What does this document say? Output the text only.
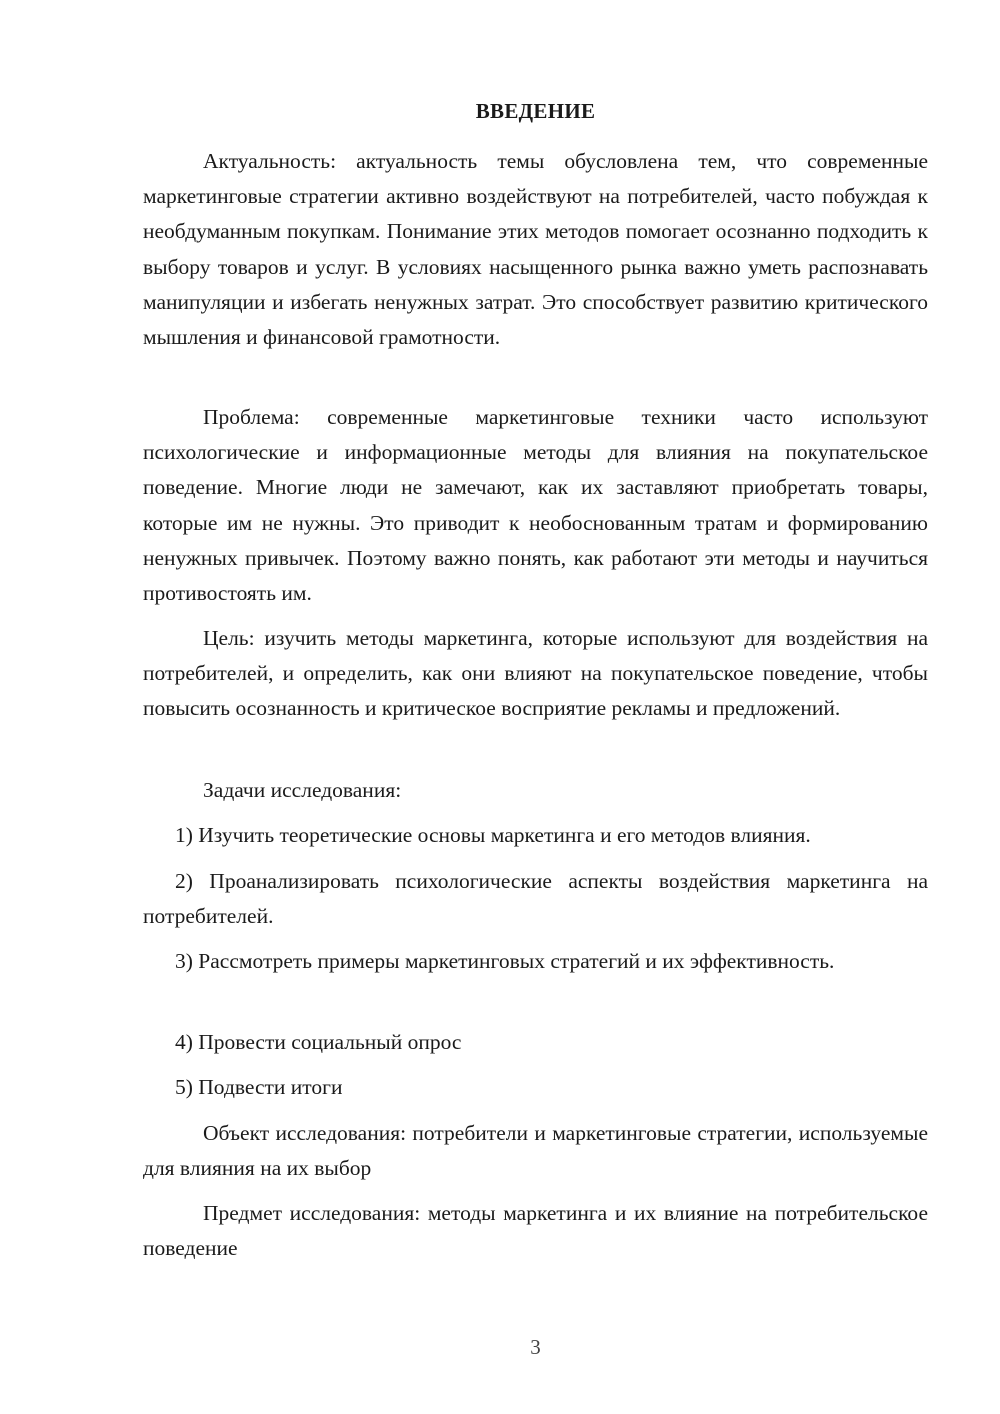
ВВЕДЕНИЕ

Актуальность: актуальность темы обусловлена тем, что современные маркетинговые стратегии активно воздействуют на потребителей, часто побуждая к необдуманным покупкам. Понимание этих методов помогает осознанно подходить к выбору товаров и услуг. В условиях насыщенного рынка важно уметь распознавать манипуляции и избегать ненужных затрат. Это способствует развитию критического мышления и финансовой грамотности.

Проблема: современные маркетинговые техники часто используют психологические и информационные методы для влияния на покупательское поведение. Многие люди не замечают, как их заставляют приобретать товары, которые им не нужны. Это приводит к необоснованным тратам и формированию ненужных привычек. Поэтому важно понять, как работают эти методы и научиться противостоять им.

Цель: изучить методы маркетинга, которые используют для воздействия на потребителей, и определить, как они влияют на покупательское поведение, чтобы повысить осознанность и критическое восприятие рекламы и предложений.

Задачи исследования:

1) Изучить теоретические основы маркетинга и его методов влияния.

2) Проанализировать психологические аспекты воздействия маркетинга на потребителей.

3) Рассмотреть примеры маркетинговых стратегий и их эффективность.

4) Провести социальный опрос

5) Подвести итоги

Объект исследования: потребители и маркетинговые стратегии, используемые для влияния на их выбор

Предмет исследования: методы маркетинга и их влияние на потребительское поведение

3
